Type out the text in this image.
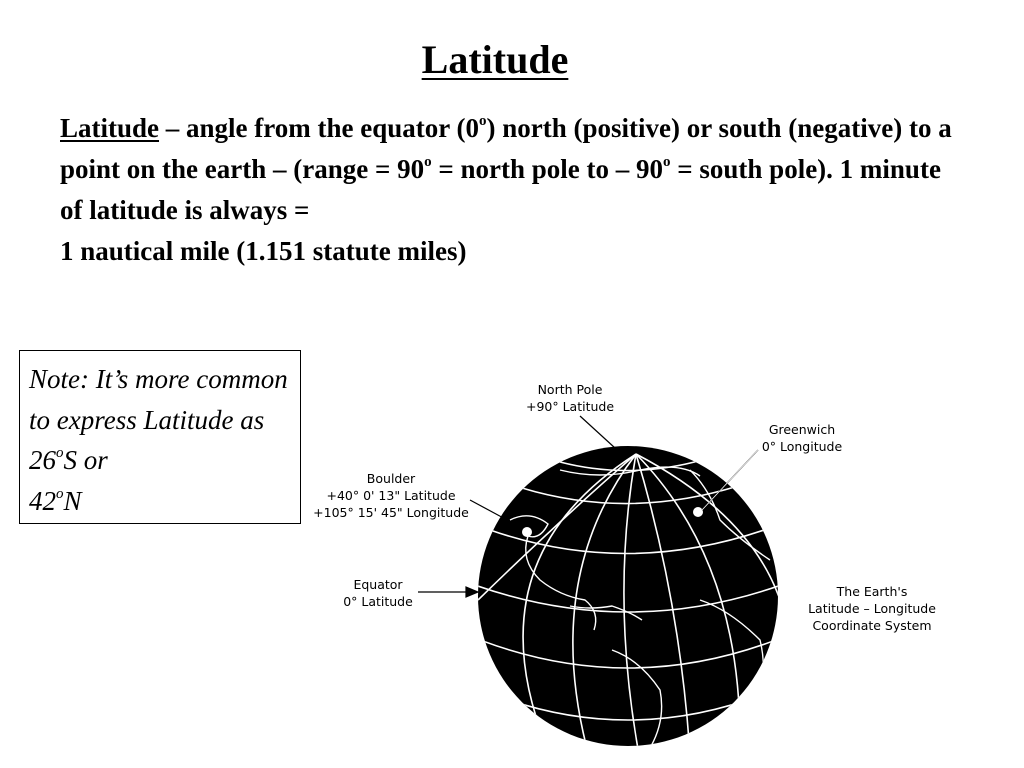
Latitude
Latitude – angle from the equator (0$^o$) north (positive) or south (negative) to a point on the earth – (range = $90^o$ = north pole to – $90^o$ = south pole). 1 minute of latitude is always =
1 nautical mile (1.151 statute miles)
Note: It’s more common to express Latitude as 26$^o$S or
42$^o$N
North Pole
+90° Latitude
Greenwich
0° Longitude
Boulder
+40° 0' 13" Latitude
+105° 15' 45" Longitude
Equator
0° Latitude
The Earth's
Latitude – Longitude
Coordinate System
